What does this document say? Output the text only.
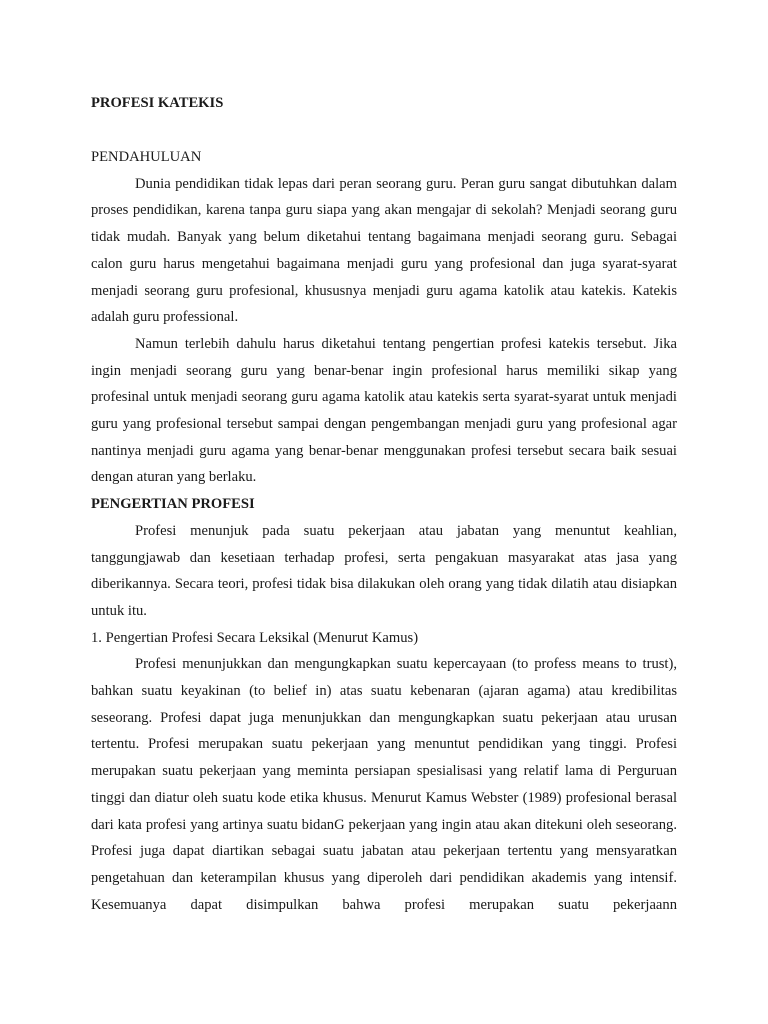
PROFESI KATEKIS

PENDAHULUAN

Dunia pendidikan tidak lepas dari peran seorang guru. Peran guru sangat dibutuhkan dalam proses pendidikan, karena tanpa guru siapa yang akan mengajar di sekolah? Menjadi seorang guru tidak mudah. Banyak yang belum diketahui tentang bagaimana menjadi seorang guru. Sebagai calon guru harus mengetahui bagaimana menjadi guru yang profesional dan juga syarat-syarat menjadi seorang guru profesional, khususnya menjadi guru agama katolik atau katekis. Katekis adalah guru professional.

Namun terlebih dahulu harus diketahui tentang pengertian profesi katekis tersebut. Jika ingin menjadi seorang guru yang benar-benar ingin profesional harus memiliki sikap yang profesinal untuk menjadi seorang guru agama katolik atau katekis serta syarat-syarat untuk menjadi guru yang profesional tersebut sampai dengan pengembangan menjadi guru yang profesional agar nantinya menjadi guru agama yang benar-benar menggunakan profesi tersebut secara baik sesuai dengan aturan yang berlaku.

PENGERTIAN PROFESI

Profesi menunjuk pada suatu pekerjaan atau jabatan yang menuntut keahlian, tanggungjawab dan kesetiaan terhadap profesi, serta pengakuan masyarakat atas jasa yang diberikannya. Secara teori, profesi tidak bisa dilakukan oleh orang yang tidak dilatih atau disiapkan untuk itu.

1. Pengertian Profesi Secara Leksikal (Menurut Kamus)

Profesi menunjukkan dan mengungkapkan suatu kepercayaan (to profess means to trust), bahkan suatu keyakinan (to belief in) atas suatu kebenaran (ajaran agama) atau kredibilitas seseorang. Profesi dapat juga menunjukkan dan mengungkapkan suatu pekerjaan atau urusan tertentu. Profesi merupakan suatu pekerjaan yang menuntut pendidikan yang tinggi. Profesi merupakan suatu pekerjaan yang meminta persiapan spesialisasi yang relatif lama di Perguruan tinggi dan diatur oleh suatu kode etika khusus. Menurut Kamus Webster (1989) profesional berasal dari kata profesi yang artinya suatu bidanG pekerjaan yang ingin atau akan ditekuni oleh seseorang. Profesi juga dapat diartikan sebagai suatu jabatan atau pekerjaan tertentu yang mensyaratkan pengetahuan dan keterampilan khusus yang diperoleh dari pendidikan akademis yang intensif. Kesemuanya dapat disimpulkan bahwa profesi merupakan suatu pekerjaann
